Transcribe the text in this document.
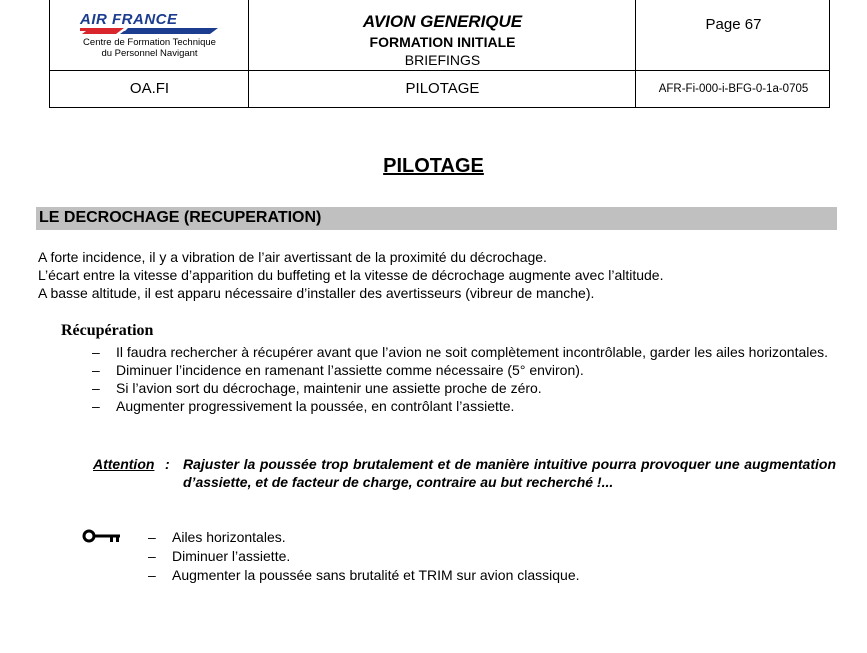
AIR FRANCE
Centre de Formation Technique
du Personnel Navigant
AVION GENERIQUE
FORMATION INITIALE
BRIEFINGS
Page 67
OA.FI	PILOTAGE	AFR-Fi-000-i-BFG-0-1a-0705
PILOTAGE
LE DECROCHAGE (RECUPERATION)
A forte incidence, il y a vibration de l’air avertissant de la proximité du décrochage.
L’écart entre la vitesse d’apparition du buffeting et la vitesse de décrochage augmente avec l’altitude.
A basse altitude, il est apparu nécessaire d’installer des avertisseurs (vibreur de manche).
Récupération
– Il faudra rechercher à récupérer avant que l’avion ne soit complètement incontrôlable, garder les ailes horizontales.
– Diminuer l’incidence en ramenant l’assiette comme nécessaire (5° environ).
– Si l’avion sort du décrochage, maintenir une assiette proche de zéro.
– Augmenter progressivement la poussée, en contrôlant l’assiette.
Attention : Rajuster la poussée trop brutalement et de manière intuitive pourra provoquer une augmentation d’assiette, et de facteur de charge, contraire au but recherché !...
– Ailes horizontales.
– Diminuer l’assiette.
– Augmenter la poussée sans brutalité et TRIM sur avion classique.
